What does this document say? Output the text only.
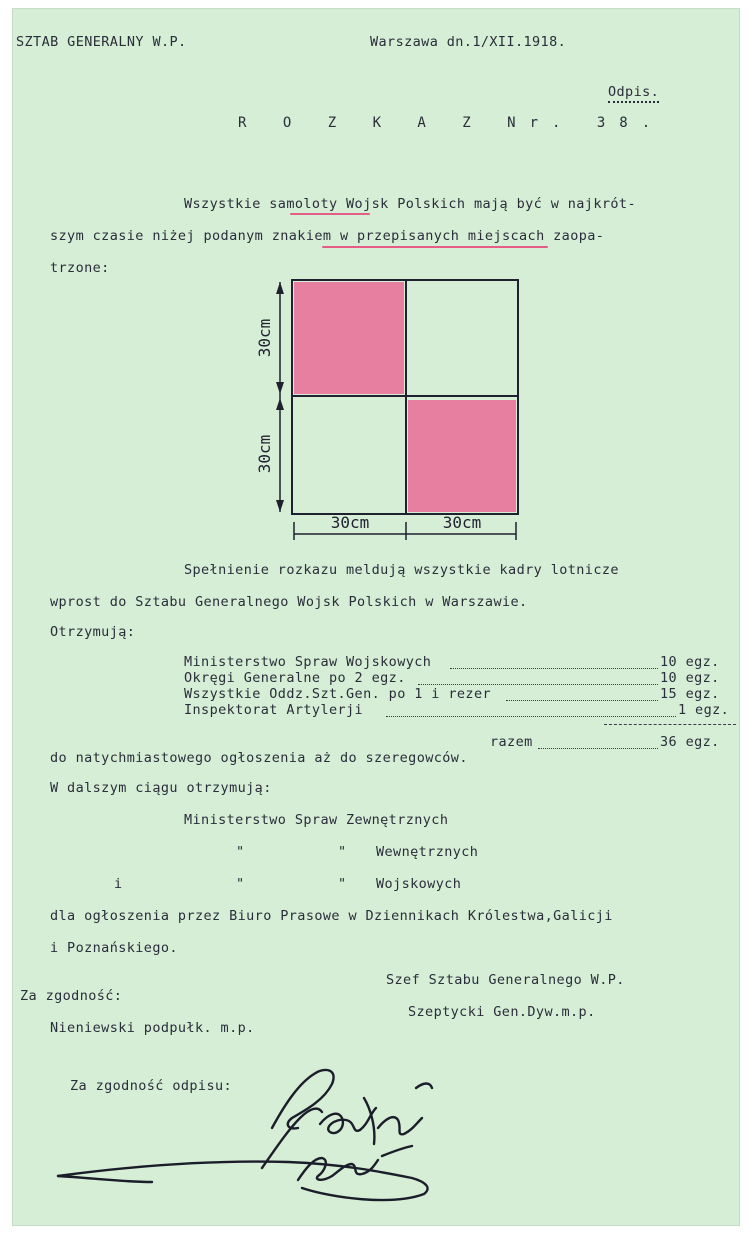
SZTAB GENERALNY W.P.	Warszawa dn.1/XII.1918.
Odpis.
R O Z K A Z Nr. 38.
Wszystkie samoloty Wojsk Polskich mają być w najkrót-
szym czasie niżej podanym znakiem w przepisanych miejscach zaopa-
trzone:
30cm
30cm
30cm	30cm
Spełnienie rozkazu meldują wszystkie kadry lotnicze
wprost do Sztabu Generalnego Wojsk Polskich w Warszawie.
Otrzymują:
Ministerstwo Spraw Wojskowych	10 egz.
Okręgi Generalne po 2 egz.	10 egz.
Wszystkie Oddz.Szt.Gen. po 1 i rezer	15 egz.
Inspektorat Artylerji	1 egz.
razem	36 egz.
do natychmiastowego ogłoszenia aż do szeregowców.
W dalszym ciągu otrzymują:
Ministerstwo Spraw Zewnętrznych
"	" Wewnętrznych
i	"	" Wojskowych
dla ogłoszenia przez Biuro Prasowe w Dziennikach Królestwa,Galicji
i Poznańskiego.
Szef Sztabu Generalnego W.P.
Za zgodność:
Szeptycki Gen.Dyw.m.p.
Nieniewski podpułk. m.p.
Za zgodność odpisu:
